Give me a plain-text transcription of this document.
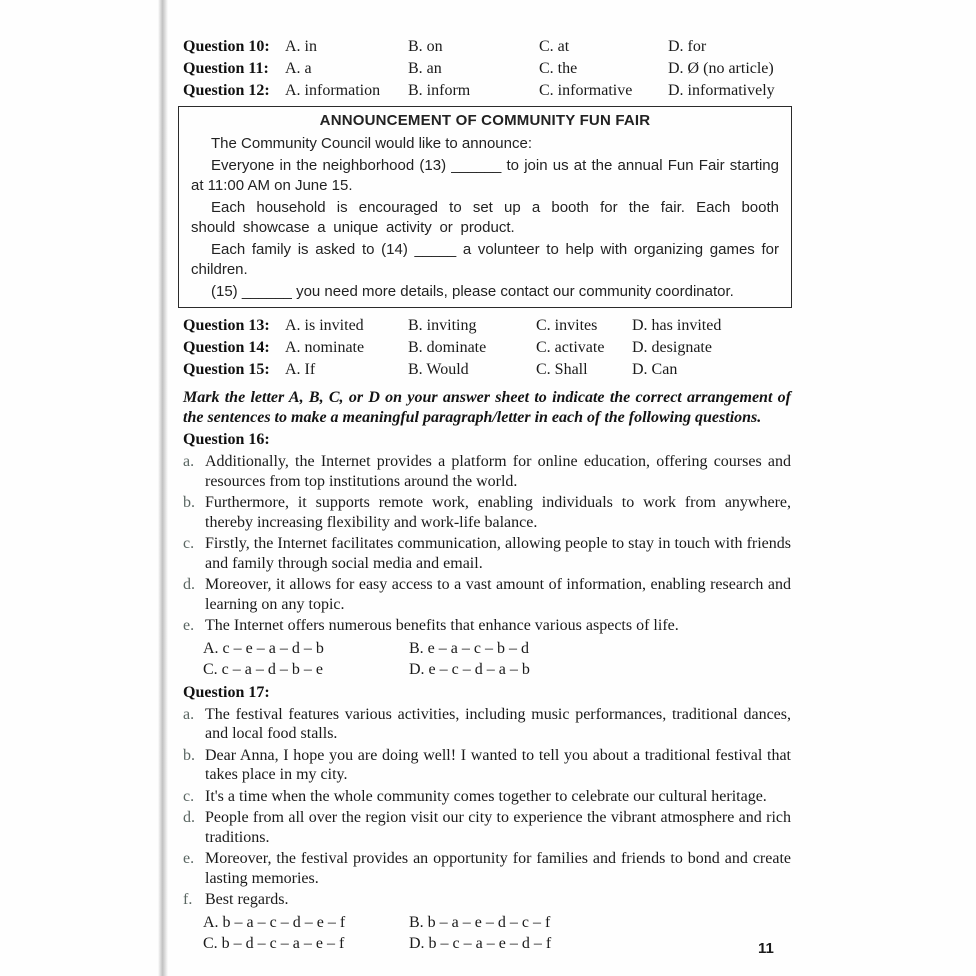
Question 10: A. in	B. on	C. at	D. for
Question 11:	A. a	B. an	C. the	D. Ø (no article)
Question 12: A. information	B. inform	C. informative	D. informatively
ANNOUNCEMENT OF COMMUNITY FUN FAIR

The Community Council would like to announce:

Everyone in the neighborhood (13) ______ to join us at the annual Fun Fair starting at 11:00 AM on June 15.

Each household is encouraged to set up a booth for the fair. Each booth should showcase a unique activity or product.

Each family is asked to (14) _____ a volunteer to help with organizing games for children.

(15) ______ you need more details, please contact our community coordinator.

Question 13: A. is invited	B. inviting	C. invites	D. has invited
Question 14: A. nominate	B. dominate	C. activate	D. designate
Question 15: A. If	B. Would	C. Shall	D. Can

Mark the letter A, B, C, or D on your answer sheet to indicate the correct arrangement of the sentences to make a meaningful paragraph/letter in each of the following questions.

Question 16:
a. Additionally, the Internet provides a platform for online education, offering courses and resources from top institutions around the world.
b. Furthermore, it supports remote work, enabling individuals to work from anywhere, thereby increasing flexibility and work-life balance.
c. Firstly, the Internet facilitates communication, allowing people to stay in touch with friends and family through social media and email.
d. Moreover, it allows for easy access to a vast amount of information, enabling research and learning on any topic.
e. The Internet offers numerous benefits that enhance various aspects of life.
A. c – e – a – d – b	B. e – a – c – b – d
C. c – a – d – b – e	D. e – c – d – a – b
Question 17:
a. The festival features various activities, including music performances, traditional dances, and local food stalls.
b. Dear Anna, I hope you are doing well! I wanted to tell you about a traditional festival that takes place in my city.
c. It's a time when the whole community comes together to celebrate our cultural heritage.
d. People from all over the region visit our city to experience the vibrant atmosphere and rich traditions.
e. Moreover, the festival provides an opportunity for families and friends to bond and create lasting memories.
f. Best regards.
A. b – a – c – d – e – f	B. b – a – e – d – c – f
C. b – d – c – a – e – f	D. b – c – a – e – d – f	11
